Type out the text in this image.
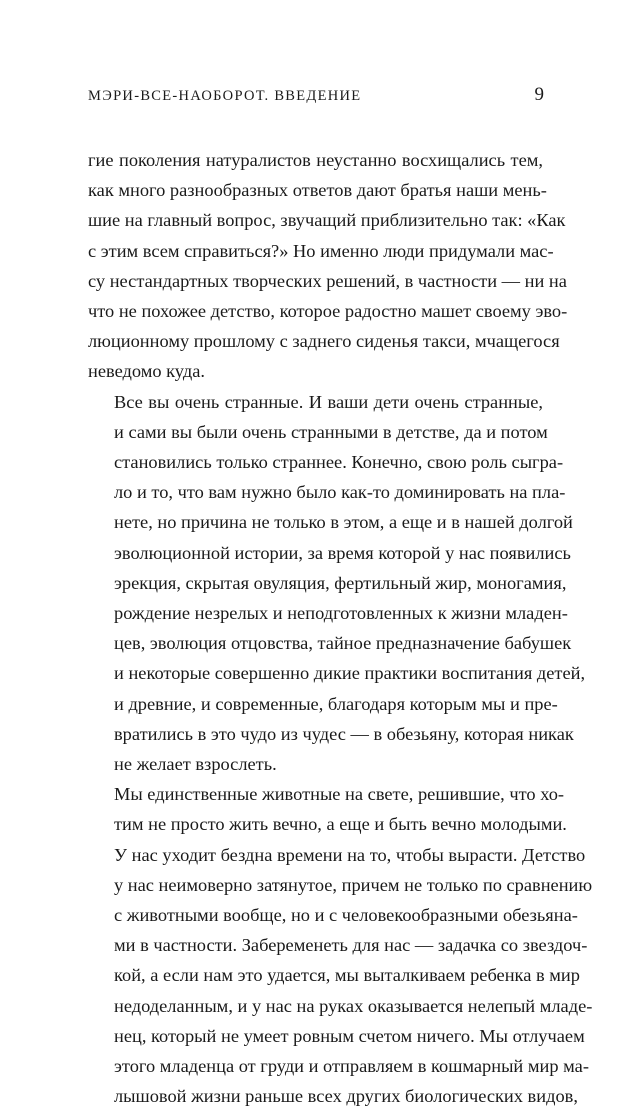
МЭРИ-ВСЕ-НАОБОРОТ. ВВЕДЕНИЕ	9

гие поколения натуралистов неустанно восхищались тем,
как много разнообразных ответов дают братья наши мень-
шие на главный вопрос, звучащий приблизительно так: «Как
с этим всем справиться?» Но именно люди придумали мас-
су нестандартных творческих решений, в частности — ни на
что не похожее детство, которое радостно машет своему эво-
люционному прошлому с заднего сиденья такси, мчащегося
неведомо куда.

Все вы очень странные. И ваши дети очень странные,
и сами вы были очень странными в детстве, да и потом
становились только страннее. Конечно, свою роль сыгра-
ло и то, что вам нужно было как-то доминировать на пла-
нете, но причина не только в этом, а еще и в нашей долгой
эволюционной истории, за время которой у нас появились
эрекция, скрытая овуляция, фертильный жир, моногамия,
рождение незрелых и неподготовленных к жизни младен-
цев, эволюция отцовства, тайное предназначение бабушек
и некоторые совершенно дикие практики воспитания детей,
и древние, и современные, благодаря которым мы и пре-
вратились в это чудо из чудес — в обезьяну, которая никак
не желает взрослеть.

Мы единственные животные на свете, решившие, что хо-
тим не просто жить вечно, а еще и быть вечно молодыми.
У нас уходит бездна времени на то, чтобы вырасти. Детство
у нас неимоверно затянутое, причем не только по сравнению
с животными вообще, но и с человекообразными обезьяна-
ми в частности. Забеременеть для нас — задачка со звездоч-
кой, а если нам это удается, мы выталкиваем ребенка в мир
недоделанным, и у нас на руках оказывается нелепый младе-
нец, который не умеет ровным счетом ничего. Мы отлучаем
этого младенца от груди и отправляем в кошмарный мир ма-
лышовой жизни раньше всех других биологических видов,
